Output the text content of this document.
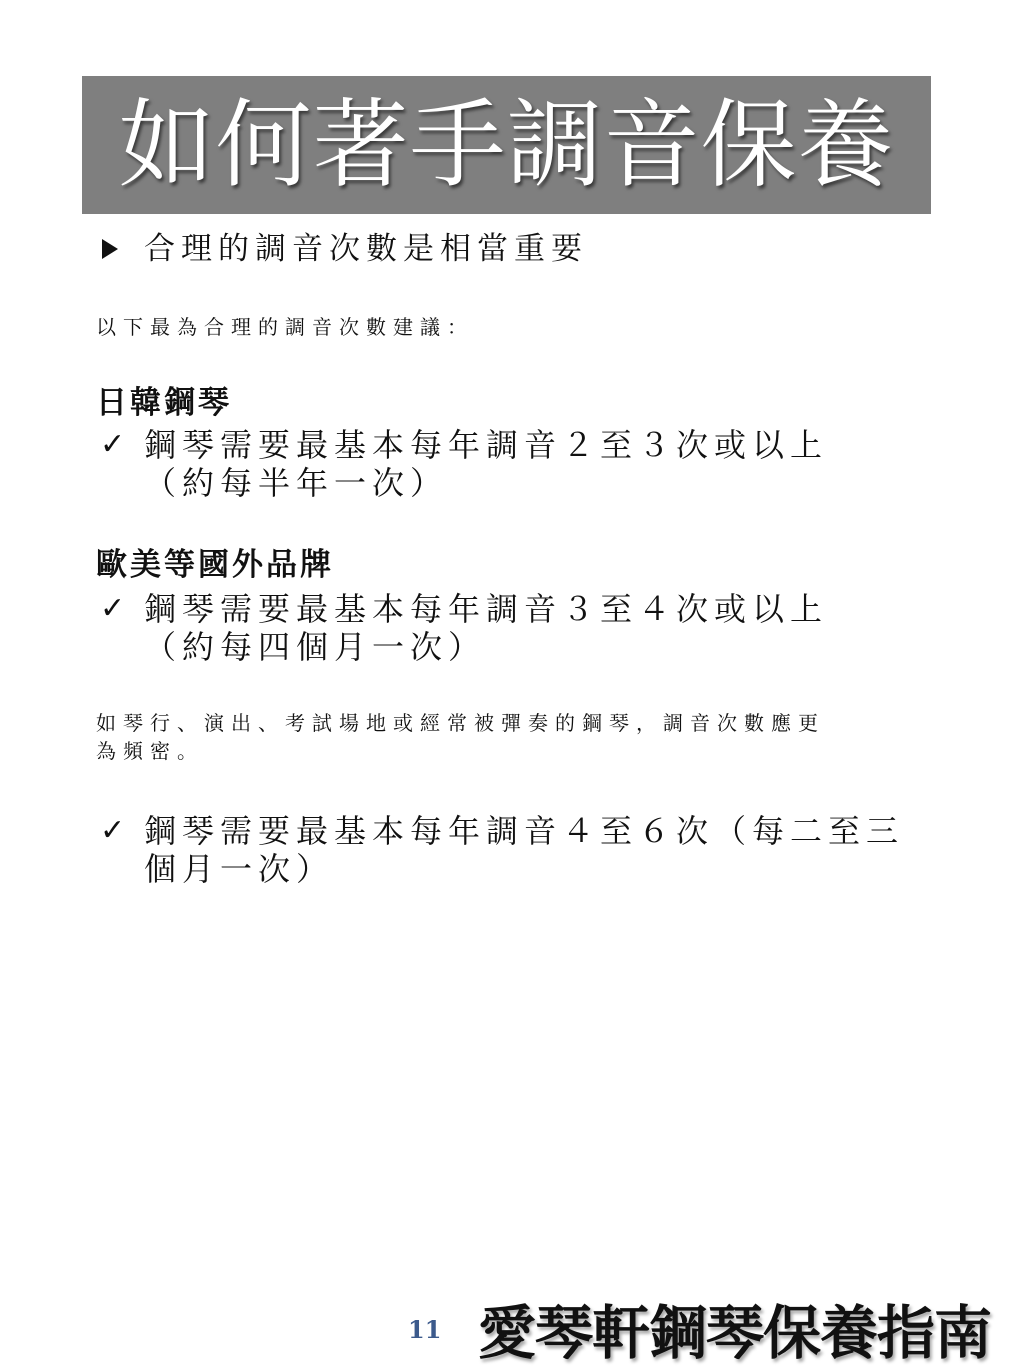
如何著手調音保養
合理的調音次數是相當重要
以下最為合理的調音次數建議：
日韓鋼琴
✓ 鋼琴需要最基本每年調音２至３次或以上
（約每半年一次）
歐美等國外品牌
✓ 鋼琴需要最基本每年調音３至４次或以上
（約每四個月一次）
如琴行、演出、考試場地或經常被彈奏的鋼琴，調音次數應更
為頻密。
✓ 鋼琴需要最基本每年調音４至６次（每二至三
個月一次）
11 愛琴軒鋼琴保養指南
